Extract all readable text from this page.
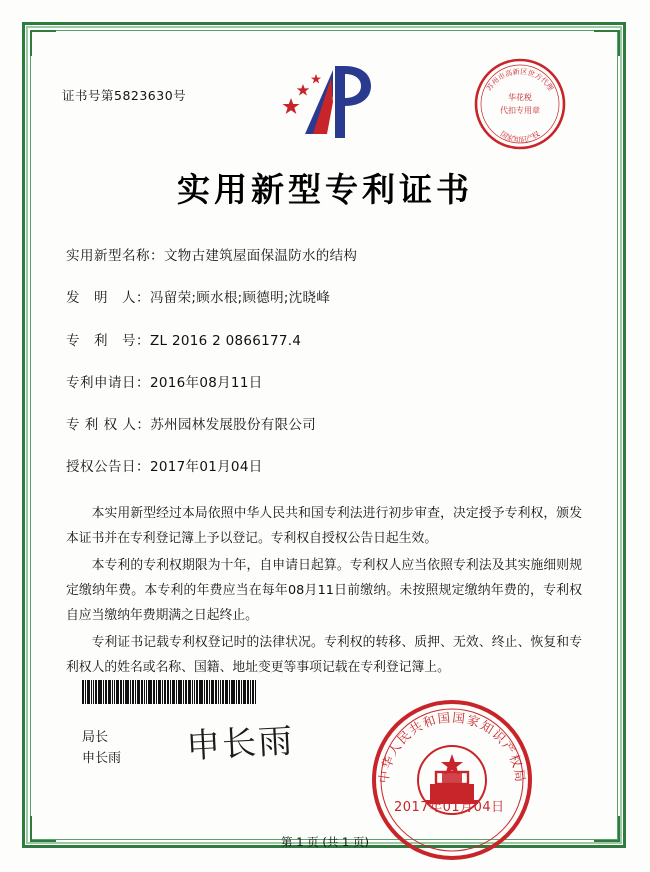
证书号第5823630号
苏州市高新区世方代理
华花税
代扣专用章
国家知识产权
实用新型专利证书
实用新型名称：文物古建筑屋面保温防水的结构
发　明　人：冯留荣;顾水根;顾德明;沈晓峰
专　利　号：ZL 2016 2 0866177.4
专利申请日：2016年08月11日
专 利 权 人：苏州园林发展股份有限公司
授权公告日：2017年01月04日

本实用新型经过本局依照中华人民共和国专利法进行初步审查，决定授予专利权，颁发本证书并在专利登记簿上予以登记。专利权自授权公告日起生效。

本专利的专利权期限为十年，自申请日起算。专利权人应当依照专利法及其实施细则规定缴纳年费。本专利的年费应当在每年08月11日前缴纳。未按照规定缴纳年费的，专利权自应当缴纳年费期满之日起终止。

专利证书记载专利权登记时的法律状况。专利权的转移、质押、无效、终止、恢复和专利权人的姓名或名称、国籍、地址变更等事项记载在专利登记簿上。

局长
申长雨 申长雨
中华人民共和国国家知识产权局
2017年01月04日
第 1 页 (共 1 页)
